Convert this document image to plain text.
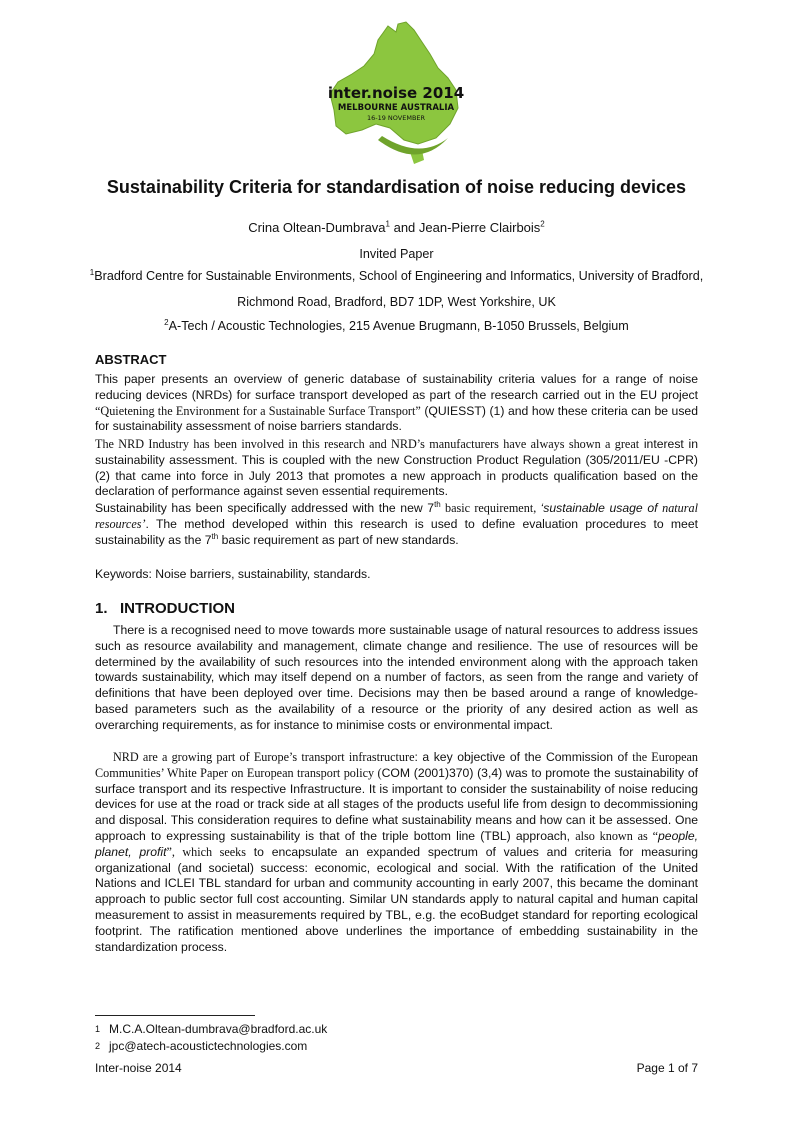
inter.noise 2014
MELBOURNE AUSTRALIA
16-19 NOVEMBER
Sustainability Criteria for standardisation of noise reducing devices
Crina Oltean-Dumbrava$^1$ and Jean-Pierre Clairbois$^2$
Invited Paper
$^1$Bradford Centre for Sustainable Environments, School of Engineering and Informatics, University of Bradford,
Richmond Road, Bradford, BD7 1DP, West Yorkshire, UK
$^2$A-Tech / Acoustic Technologies, 215 Avenue Brugmann, B-1050 Brussels, Belgium
ABSTRACT

This paper presents an overview of generic database of sustainability criteria values for a range of noise reducing devices (NRDs) for surface transport developed as part of the research carried out in the EU project “Quietening the Environment for a Sustainable Surface Transport” (QUIESST) (1) and how these criteria can be used for sustainability assessment of noise barriers standards.

The NRD Industry has been involved in this research and NRD’s manufacturers have always shown a great interest in sustainability assessment. This is coupled with the new Construction Product Regulation (305/2011/EU -CPR) (2) that came into force in July 2013 that promotes a new approach in products qualification based on the declaration of performance against seven essential requirements.

Sustainability has been specifically addressed with the new 7th basic requirement, ‘sustainable usage of natural resources’. The method developed within this research is used to define evaluation procedures to meet sustainability as the 7th basic requirement as part of new standards.

Keywords: Noise barriers, sustainability, standards.

1.   INTRODUCTION

There is a recognised need to move towards more sustainable usage of natural resources to address issues such as resource availability and management, climate change and resilience. The use of resources will be determined by the availability of such resources into the intended environment along with the approach taken towards sustainability, which may itself depend on a number of factors, as seen from the range and variety of definitions that have been deployed over time. Decisions may then be based around a range of knowledge-based parameters such as the availability of a resource or the priority of any desired action as well as overarching requirements, as for instance to minimise costs or environmental impact.

NRD are a growing part of Europe’s transport infrastructure: a key objective of the Commission of the European Communities’ White Paper on European transport policy (COM (2001)370) (3,4) was to promote the sustainability of surface transport and its respective Infrastructure. It is important to consider the sustainability of noise reducing devices for use at the road or track side at all stages of the products useful life from design to decommissioning and disposal. This consideration requires to define what sustainability means and how can it be assessed. One approach to expressing sustainability is that of the triple bottom line (TBL) approach, also known as “people, planet, profit”, which seeks to encapsulate an expanded spectrum of values and criteria for measuring organizational (and societal) success: economic, ecological and social. With the ratification of the United Nations and ICLEI TBL standard for urban and community accounting in early 2007, this became the dominant approach to public sector full cost accounting. Similar UN standards apply to natural capital and human capital measurement to assist in measurements required by TBL, e.g. the ecoBudget standard for reporting ecological footprint. The ratification mentioned above underlines the importance of embedding sustainability in the standardization process.

1 M.C.A.Oltean-dumbrava@bradford.ac.uk
2 jpc@atech-acoustictechnologies.com
Inter-noise 2014	Page 1 of 7
